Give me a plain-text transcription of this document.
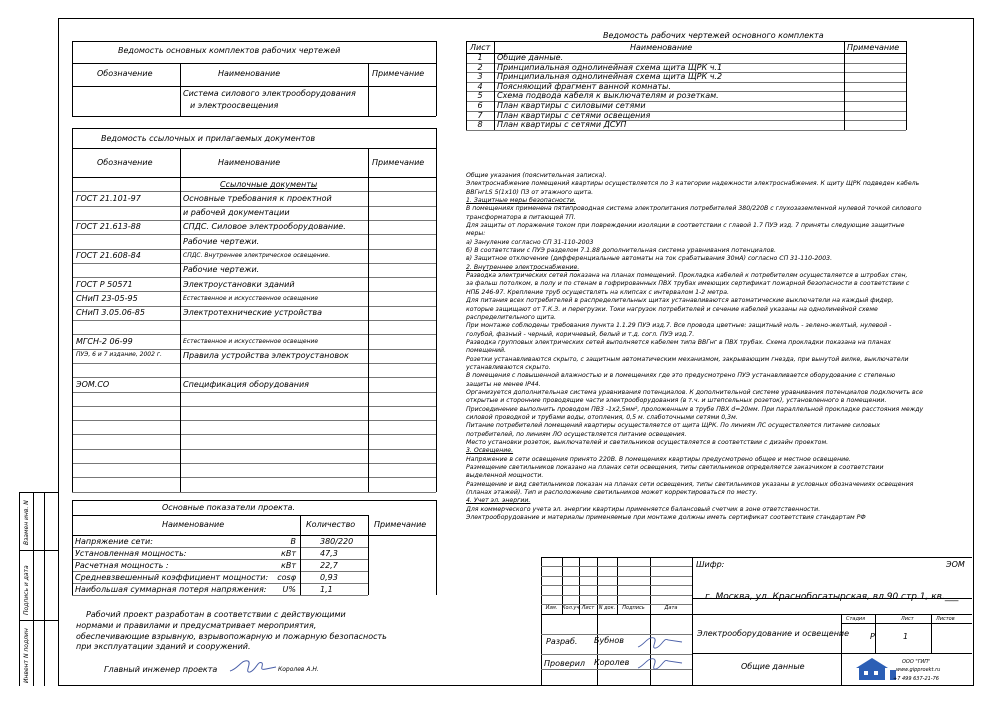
Взамен инв. N
Подпись и дата
Инвент N подлин
Ведомость основных комплектов рабочих чертежей
Обозначение	Наименование	Примечание
Система силового электрооборудования
и электроосвещения
Ведомость ссылочных и прилагаемых документов
Обозначение	Наименование	Примечание
Ссылочные документы
ГОСТ 21.101-97	Основные требования к проектной
и рабочей документации
ГОСТ 21.613-88	СПДС. Силовое электрооборудование.
Рабочие чертежи.
ГОСТ 21.608-84	СПДС. Внутреннее электрическое освещение.
Рабочие чертежи.
ГОСТ Р 50571	Электроустановки зданий
СНиП 23-05-95	Естественное и искусственное освещение
СНиП 3.05.06-85	Электротехнические устройства
МГСН-2 06-99	Естественное и искусственное освещение
ПУЭ, 6 и 7 издание, 2002 г.	Правила устройства электроустановок
ЭОМ.СО	Спецификация оборудования
Основные показатели проекта.
Наименование	Количество Примечание
Напряжение сети:	В	380/220
Установленная мощность:	кВт	47,3
Расчетная мощность :	кВт	22,7
Средневзвешенный коэффициент мощности:	cosφ	0,93
Наибольшая суммарная потеря напряжения:	U%	1,1
Рабочий проект разработан в соответствии с действующими
нормами и правилами и предусматривает мероприятия,
обеспечивающие взрывную, взрывопожарную и пожарную безопасность
при эксплуатации зданий и сооружений.
Главный инженер проекта	Королев А.Н.
Ведомость рабочих чертежей основного комплекта
Лист	Наименование	Примечание
1	Общие данные.
2	Принципиальная однолинейная схема щита ЩРК ч.1
3	Принципиальная однолинейная схема щита ЩРК ч.2
4	Поясняющий фрагмент ванной комнаты.
5	Схема подвода кабеля к выключателям и розеткам.
6	План квартиры с силовыми сетями
7	План квартиры с сетями освещения
8	План квартиры с сетями ДСУП
Общие указания (пояснительная записка).
Электроснабжение помещений квартиры осуществляется по 3 категории надежности электроснабжения. К щиту ЩРК подведен кабель
ВВГнгLS 5(1х10) ПЗ от этажного щита.
1. Защитные меры безопасности.
В помещениях применена пятипроводная система электропитания потребителей 380/220В с глухозаземленной нулевой точкой силового
трансформатора в питающей ТП.
Для защиты от поражения током при повреждении изоляции в соответствии с главой 1.7 ПУЭ изд. 7 приняты следующие защитные
меры:
а) Зануление согласно СП 31-110-2003
б) В соответствии с ПУЭ разделом 7.1.88 дополнительная система уравнивания потенциалов.
в) Защитное отключение (дифференциальные автоматы на ток срабатывания 30мА) согласно СП 31-110-2003.
2. Внутреннее электроснабжение.
Разводка электрических сетей показана на планах помещений. Прокладка кабелей к потребителям осуществляется в штробах стен,
за фальш потолком, в полу и по стенам в гофрированных ПВХ трубах имеющих сертификат пожарной безопасности в соответствии с
НПБ 246-97. Крепление труб осуществлять на клипсах с интервалом 1-2 метра.
Для питания всех потребителей в распределительных щитах устанавливаются автоматические выключатели на каждый фидер,
которые защищают от Т.К.З. и перегрузки. Токи нагрузок потребителей и сечение кабелей указаны на однолинейной схеме
распределительного щита.
При монтаже соблюдены требования пункта 1.1.29 ПУЭ изд.7. Все провода цветные: защитный ноль - зелено-желтый, нулевой -
голубой, фазный - черный, коричневый, белый и т.д. согл. ПУЭ изд.7.
Разводка групповых электрических сетей выполняется кабелем типа ВВГнг в ПВХ трубах. Схема прокладки показана на планах
помещений.
Розетки устанавливаются скрыто, с защитным автоматическим механизмом, закрывающим гнезда, при вынутой вилке, выключатели
устанавливаются скрыто.
В помещения с повышенной влажностью и в помещениях где это предусмотрено ПУЭ устанавливается оборудование с степенью
защиты не менее IP44.
Организуется дополнительная система уравнивания потенциалов. К дополнительной системе уравнивания потенциалов подключить все
открытые и сторонние проводящие части электрооборудования (в т.ч. и штепсельных розеток), установленного в помещении.
Присоединение выполнить проводом ПВ3 -1х2,5мм², проложенным в трубе ПВХ d=20мм. При параллельной прокладке расстояния между
силовой проводкой и трубами воды, отопления, 0,5 м. слаботочными сетями 0,3м.
Питание потребителей помещений квартиры осуществляется от щита ЩРК. По линиям ЛС осуществляется питание силовых
потребителей, по линиям ЛО осуществляется питание освещения.
Место установки розеток, выключателей и светильников осуществляется в соответствии с дизайн проектом.
3. Освещение.
Напряжение в сети освещения принято 220В. В помещениях квартиры предусмотрено общее и местное освещение.
Размещение светильников показано на планах сети освещения, типы светильников определяется заказчиком в соответствии
выделенной мощности.
Размещение и вид светильников показан на планах сети освещения, типы светильников указаны в условных обозначениях освещения
(планах этажей). Тип и расположение светильников может корректироваться по месту.
4. Учет эл. энергии.
Для коммерческого учета эл. энергии квартиры применяется балансовый счетчик в зоне ответственности.
Электрооборудование и материалы применяемые при монтаже должны иметь сертификат соответствия стандартам РФ
Изм. Кол.уч Лист N док.	Подпись	Дата
Шифр:	ЭОМ
г. Москва, ул. Краснобогатырская, вл.90 стр.1, кв.___
Электрооборудование и освещение
Стадия	Лист	Листов
Р	1
Разраб. Бубнов
Проверил Королев	Общие данные	ООО "ГИП"
www.gipproekt.ru
+7 499 637-21-76
